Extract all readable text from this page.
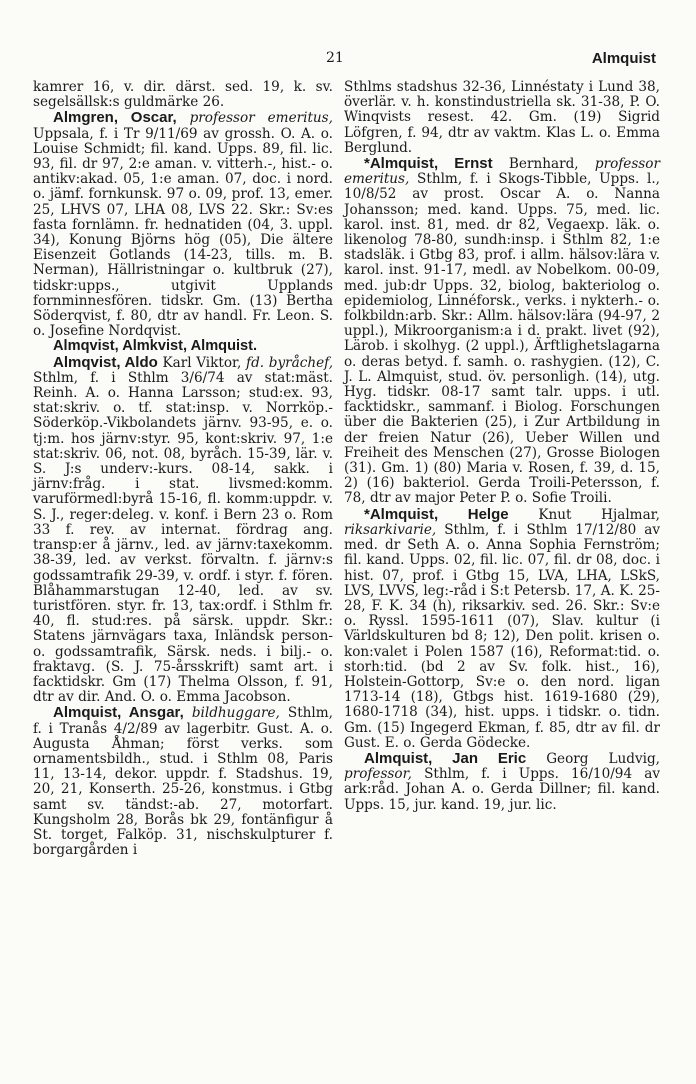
21	Almquist

kamrer 16, v. dir. därst. sed. 19, k. sv. segelsällsk:s guldmärke 26.

Almgren, Oscar, professor emeritus, Uppsala, f. i Tr 9/11/69 av grossh. O. A. o. Louise Schmidt; fil. kand. Upps. 89, fil. lic. 93, fil. dr 97, 2:e aman. v. vitterh.-, hist.- o. antikv:akad. 05, 1:e aman. 07, doc. i nord. o. jämf. fornkunsk. 97 o. 09, prof. 13, emer. 25, LHVS 07, LHA 08, LVS 22. Skr.: Sv:es fasta fornlämn. fr. hednatiden (04, 3. uppl. 34), Konung Björns hög (05), Die ältere Eisenzeit Gotlands (14-23, tills. m. B. Nerman), Hällristningar o. kultbruk (27), tidskr:upps., utgivit Upplands fornminnesfören. tidskr. Gm. (13) Bertha Söderqvist, f. 80, dtr av handl. Fr. Leon. S. o. Josefine Nordqvist.

Almqvist, Almkvist, Almquist.

Almqvist, Aldo Karl Viktor, fd. byråchef, Sthlm, f. i Sthlm 3/6/74 av stat:mäst. Reinh. A. o. Hanna Larsson; stud:ex. 93, stat:skriv. o. tf. stat:insp. v. Norrköp.-Söderköp.-Vikbolandets järnv. 93-95, e. o. tj:m. hos järnv:styr. 95, kont:skriv. 97, 1:e stat:skriv. 06, not. 08, byråch. 15-39, lär. v. S. J:s underv:-kurs. 08-14, sakk. i järnv:fråg. i stat. livsmed:komm. varuförmedl:byrå 15-16, fl. komm:uppdr. v. S. J., reger:deleg. v. konf. i Bern 23 o. Rom 33 f. rev. av internat. fördrag ang. transp:er å järnv., led. av järnv:taxekomm. 38-39, led. av verkst. förvaltn. f. järnv:s godssamtrafik 29-39, v. ordf. i styr. f. fören. Blåhammarstugan 12-40, led. av sv. turistfören. styr. fr. 13, tax:ordf. i Sthlm fr. 40, fl. stud:res. på särsk. uppdr. Skr.: Statens järnvägars taxa, Inländsk person- o. godssamtrafik, Särsk. neds. i bilj.- o. fraktavg. (S. J. 75-årsskrift) samt art. i facktidskr. Gm (17) Thelma Olsson, f. 91, dtr av dir. And. O. o. Emma Jacobson.

Almquist, Ansgar, bildhuggare, Sthlm, f. i Tranås 4/2/89 av lagerbitr. Gust. A. o. Augusta Åhman; först verks. som ornamentsbildh., stud. i Sthlm 08, Paris 11, 13-14, dekor. uppdr. f. Stadshus. 19, 20, 21, Konserth. 25-26, konstmus. i Gtbg samt sv. tändst:-ab. 27, motorfart. Kungsholm 28, Borås bk 29, fontänfigur å St. torget, Falköp. 31, nischskulpturer f. borgargården i

Sthlms stadshus 32-36, Linnéstaty i Lund 38, överlär. v. h. konstindustriella sk. 31-38, P. O. Winqvists resest. 42. Gm. (19) Sigrid Löfgren, f. 94, dtr av vaktm. Klas L. o. Emma Berglund.

*Almquist, Ernst Bernhard, professor emeritus, Sthlm, f. i Skogs-Tibble, Upps. l., 10/8/52 av prost. Oscar A. o. Nanna Johansson; med. kand. Upps. 75, med. lic. karol. inst. 81, med. dr 82, Vegaexp. läk. o. likenolog 78-80, sundh:insp. i Sthlm 82, 1:e stadsläk. i Gtbg 83, prof. i allm. hälsov:lära v. karol. inst. 91-17, medl. av Nobelkom. 00-09, med. jub:dr Upps. 32, biolog, bakteriolog o. epidemiolog, Linnéforsk., verks. i nykterh.- o. folkbildn:arb. Skr.: Allm. hälsov:lära (94-97, 2 uppl.), Mikroorganism:a i d. prakt. livet (92), Lärob. i skolhyg. (2 uppl.), Ärftlighetslagarna o. deras betyd. f. samh. o. rashygien. (12), C. J. L. Almquist, stud. öv. personligh. (14), utg. Hyg. tidskr. 08-17 samt talr. upps. i utl. facktidskr., sammanf. i Biolog. Forschungen über die Bakterien (25), i Zur Artbildung in der freien Natur (26), Ueber Willen und Freiheit des Menschen (27), Grosse Biologen (31). Gm. 1) (80) Maria v. Rosen, f. 39, d. 15, 2) (16) bakteriol. Gerda Troili-Petersson, f. 78, dtr av major Peter P. o. Sofie Troili.

*Almquist, Helge Knut Hjalmar, riksarkivarie, Sthlm, f. i Sthlm 17/12/80 av med. dr Seth A. o. Anna Sophia Fernström; fil. kand. Upps. 02, fil. lic. 07, fil. dr 08, doc. i hist. 07, prof. i Gtbg 15, LVA, LHA, LSkS, LVS, LVVS, leg:-råd i S:t Petersb. 17, A. K. 25-28, F. K. 34 (h), riksarkiv. sed. 26. Skr.: Sv:e o. Ryssl. 1595-1611 (07), Slav. kultur (i Världskulturen bd 8; 12), Den polit. krisen o. kon:valet i Polen 1587 (16), Reformat:tid. o. storh:tid. (bd 2 av Sv. folk. hist., 16), Holstein-Gottorp, Sv:e o. den nord. ligan 1713-14 (18), Gtbgs hist. 1619-1680 (29), 1680-1718 (34), hist. upps. i tidskr. o. tidn. Gm. (15) Ingegerd Ekman, f. 85, dtr av fil. dr Gust. E. o. Gerda Gödecke.

Almquist, Jan Eric Georg Ludvig, professor, Sthlm, f. i Upps. 16/10/94 av ark:råd. Johan A. o. Gerda Dillner; fil. kand. Upps. 15, jur. kand. 19, jur. lic.
